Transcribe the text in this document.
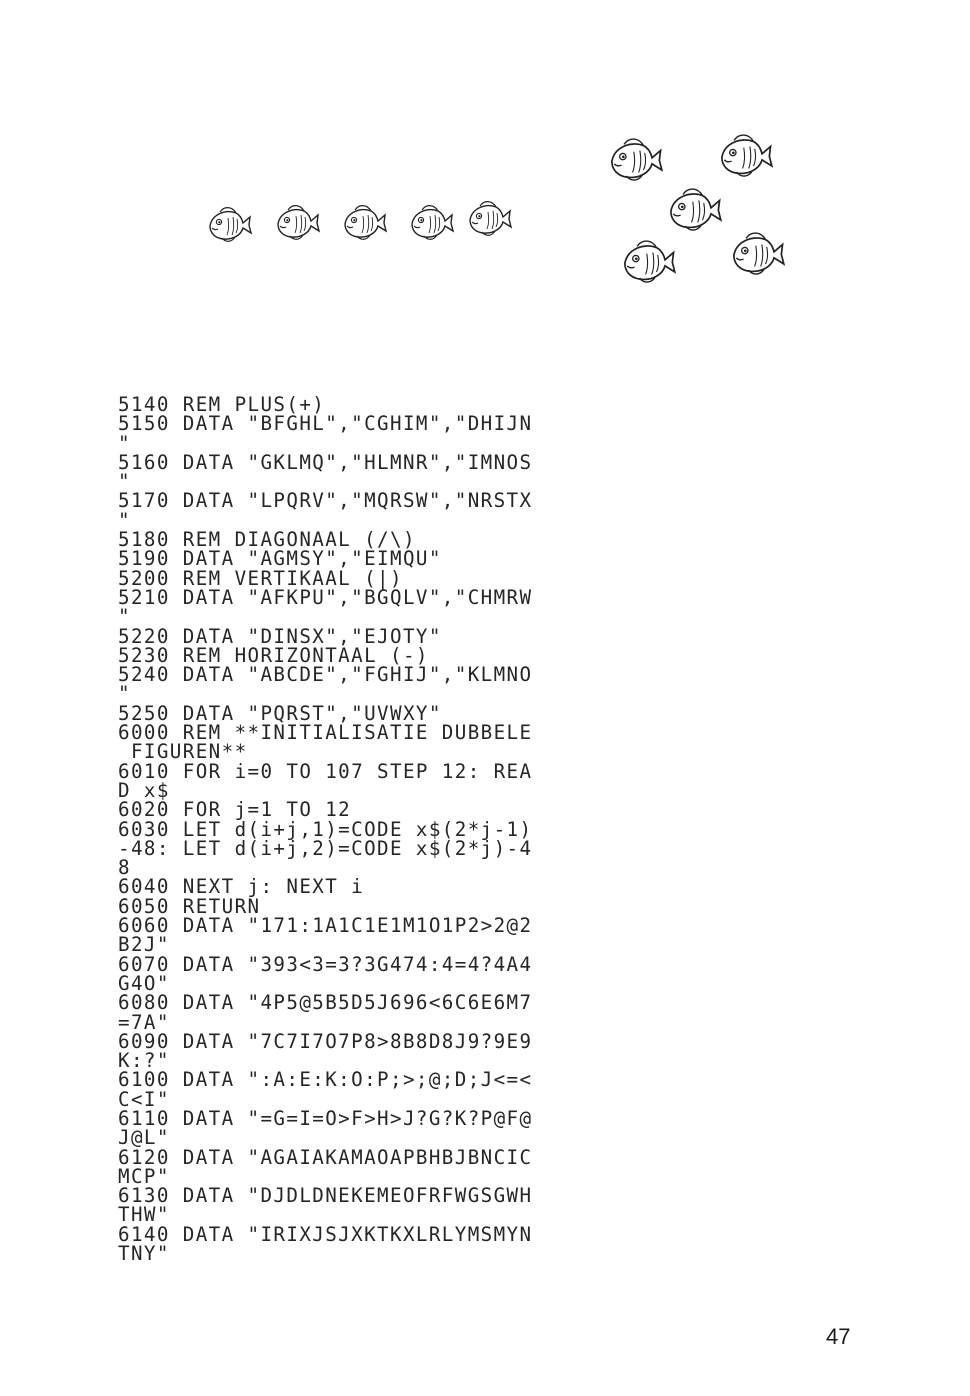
5140 REM PLUS(+)
5150 DATA "BFGHL","CGHIM","DHIJN
"
5160 DATA "GKLMQ","HLMNR","IMNOS
"
5170 DATA "LPQRV","MQRSW","NRSTX
"
5180 REM DIAGONAAL (/\)
5190 DATA "AGMSY","EIMQU"
5200 REM VERTIKAAL (|)
5210 DATA "AFKPU","BGQLV","CHMRW
"
5220 DATA "DINSX","EJOTY"
5230 REM HORIZONTAAL (-)
5240 DATA "ABCDE","FGHIJ","KLMNO
"
5250 DATA "PQRST","UVWXY"
6000 REM **INITIALISATIE DUBBELE
FIGUREN**
6010 FOR i=0 TO 107 STEP 12: REA
D x$
6020 FOR j=1 TO 12
6030 LET d(i+j,1)=CODE x$(2*j-1)
-48: LET d(i+j,2)=CODE x$(2*j)-4
8
6040 NEXT j: NEXT i
6050 RETURN
6060 DATA "171:1A1C1E1M1O1P2>2@2
B2J"
6070 DATA "393<3=3?3G474:4=4?4A4
G4O"
6080 DATA "4P5@5B5D5J696<6C6E6M7
=7A"
6090 DATA "7C7I7O7P8>8B8D8J9?9E9
K:?"
6100 DATA ":A:E:K:O:P;>;@;D;J<=<
C<I"
6110 DATA "=G=I=O>F>H>J?G?K?P@F@
J@L"
6120 DATA "AGAIAKAMAOAPBHBJBNCIC
MCP"
6130 DATA "DJDLDNEKEMEOFRFWGSGWH
THW"
6140 DATA "IRIXJSJXKTKXLRLYMSMYN
TNY"
47
